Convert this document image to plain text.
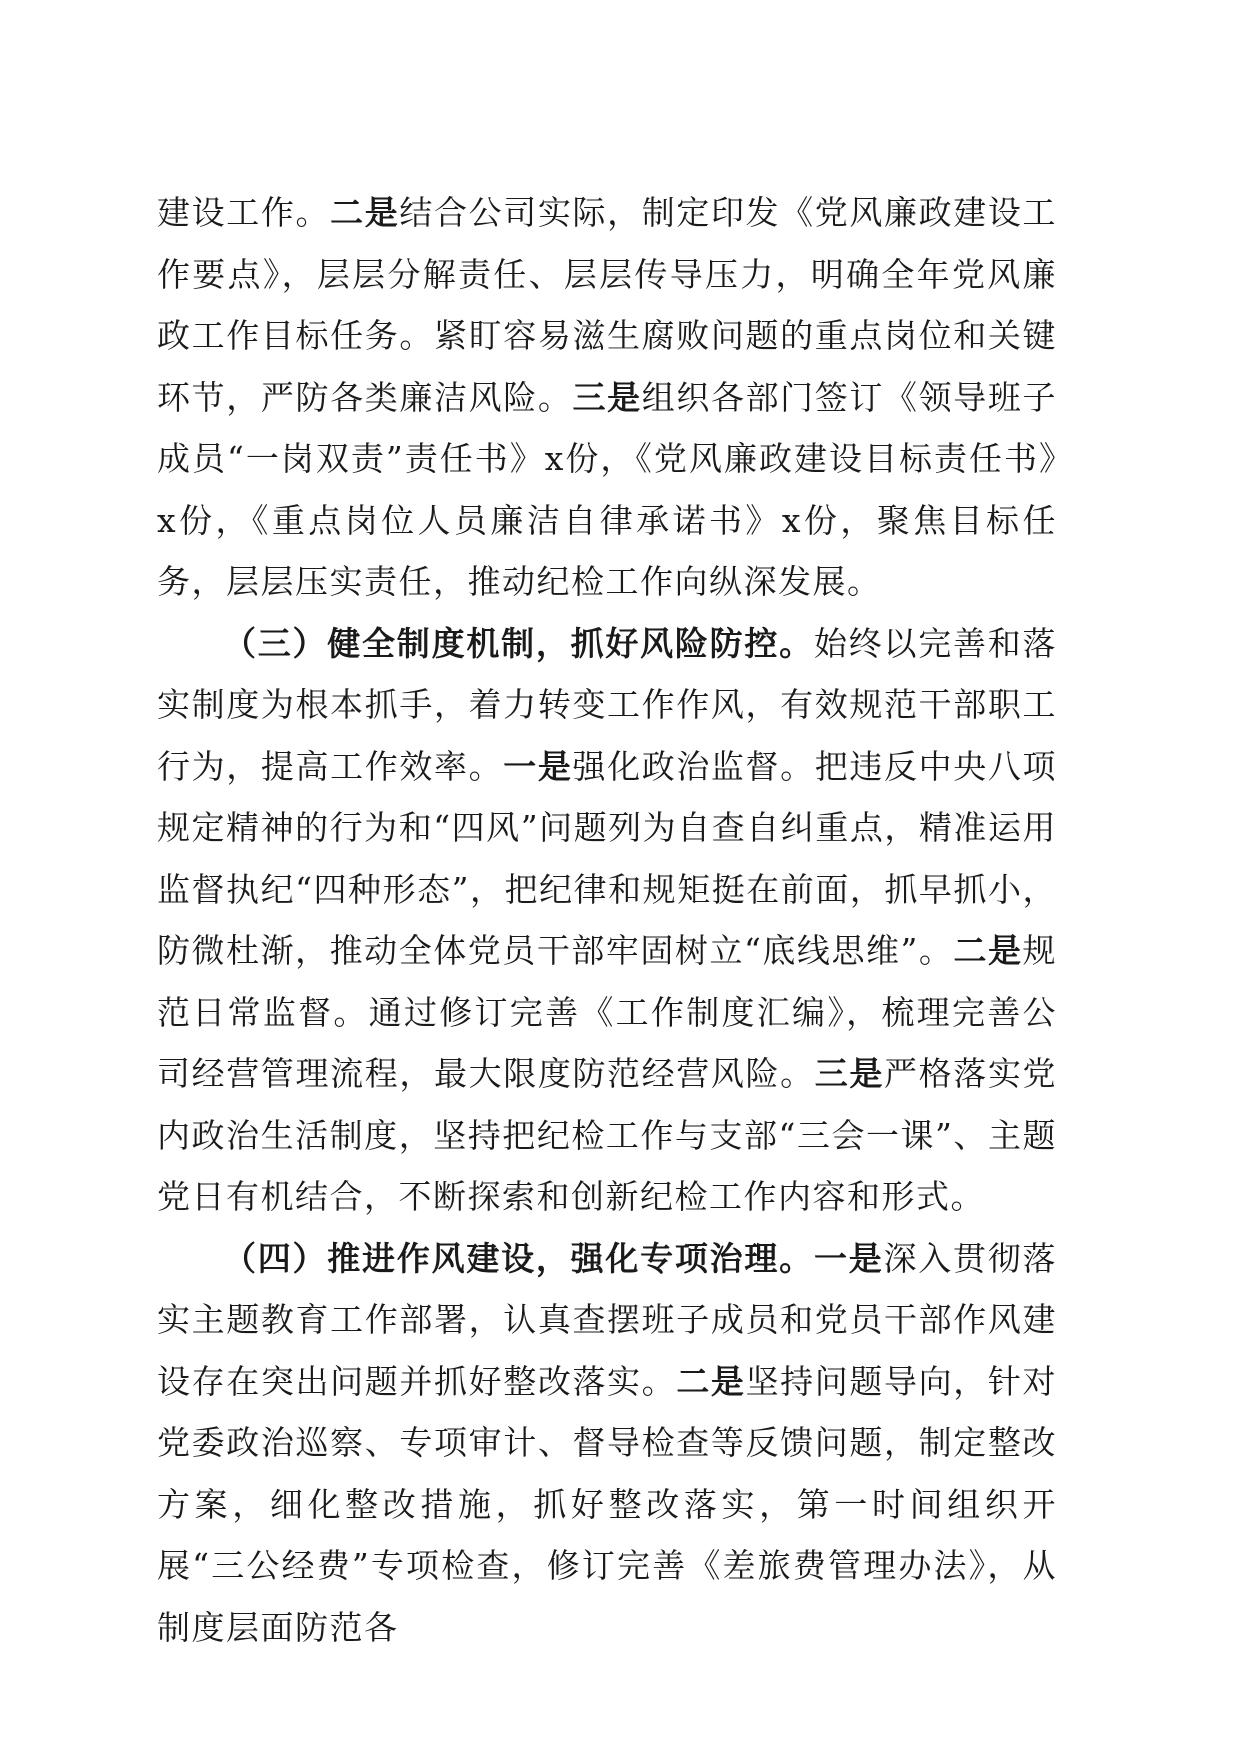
建设工作。二是结合公司实际，制定印发《党风廉政建设工作要点》，层层分解责任、层层传导压力，明确全年党风廉政工作目标任务。紧盯容易滋生腐败问题的重点岗位和关键环节，严防各类廉洁风险。三是组织各部门签订《领导班子成员“一岗双责”责任书》x份，《党风廉政建设目标责任书》x份，《重点岗位人员廉洁自律承诺书》x份，聚焦目标任务，层层压实责任，推动纪检工作向纵深发展。

（三）健全制度机制，抓好风险防控。始终以完善和落实制度为根本抓手，着力转变工作作风，有效规范干部职工行为，提高工作效率。一是强化政治监督。把违反中央八项规定精神的行为和“四风”问题列为自查自纠重点，精准运用监督执纪“四种形态”，把纪律和规矩挺在前面，抓早抓小，防微杜渐，推动全体党员干部牢固树立“底线思维”。二是规范日常监督。通过修订完善《工作制度汇编》，梳理完善公司经营管理流程，最大限度防范经营风险。三是严格落实党内政治生活制度，坚持把纪检工作与支部“三会一课”、主题党日有机结合，不断探索和创新纪检工作内容和形式。

（四）推进作风建设，强化专项治理。一是深入贯彻落实主题教育工作部署，认真查摆班子成员和党员干部作风建设存在突出问题并抓好整改落实。二是坚持问题导向，针对党委政治巡察、专项审计、督导检查等反馈问题，制定整改方案，细化整改措施，抓好整改落实，第一时间组织开展“三公经费”专项检查，修订完善《差旅费管理办法》，从制度层面防范各
